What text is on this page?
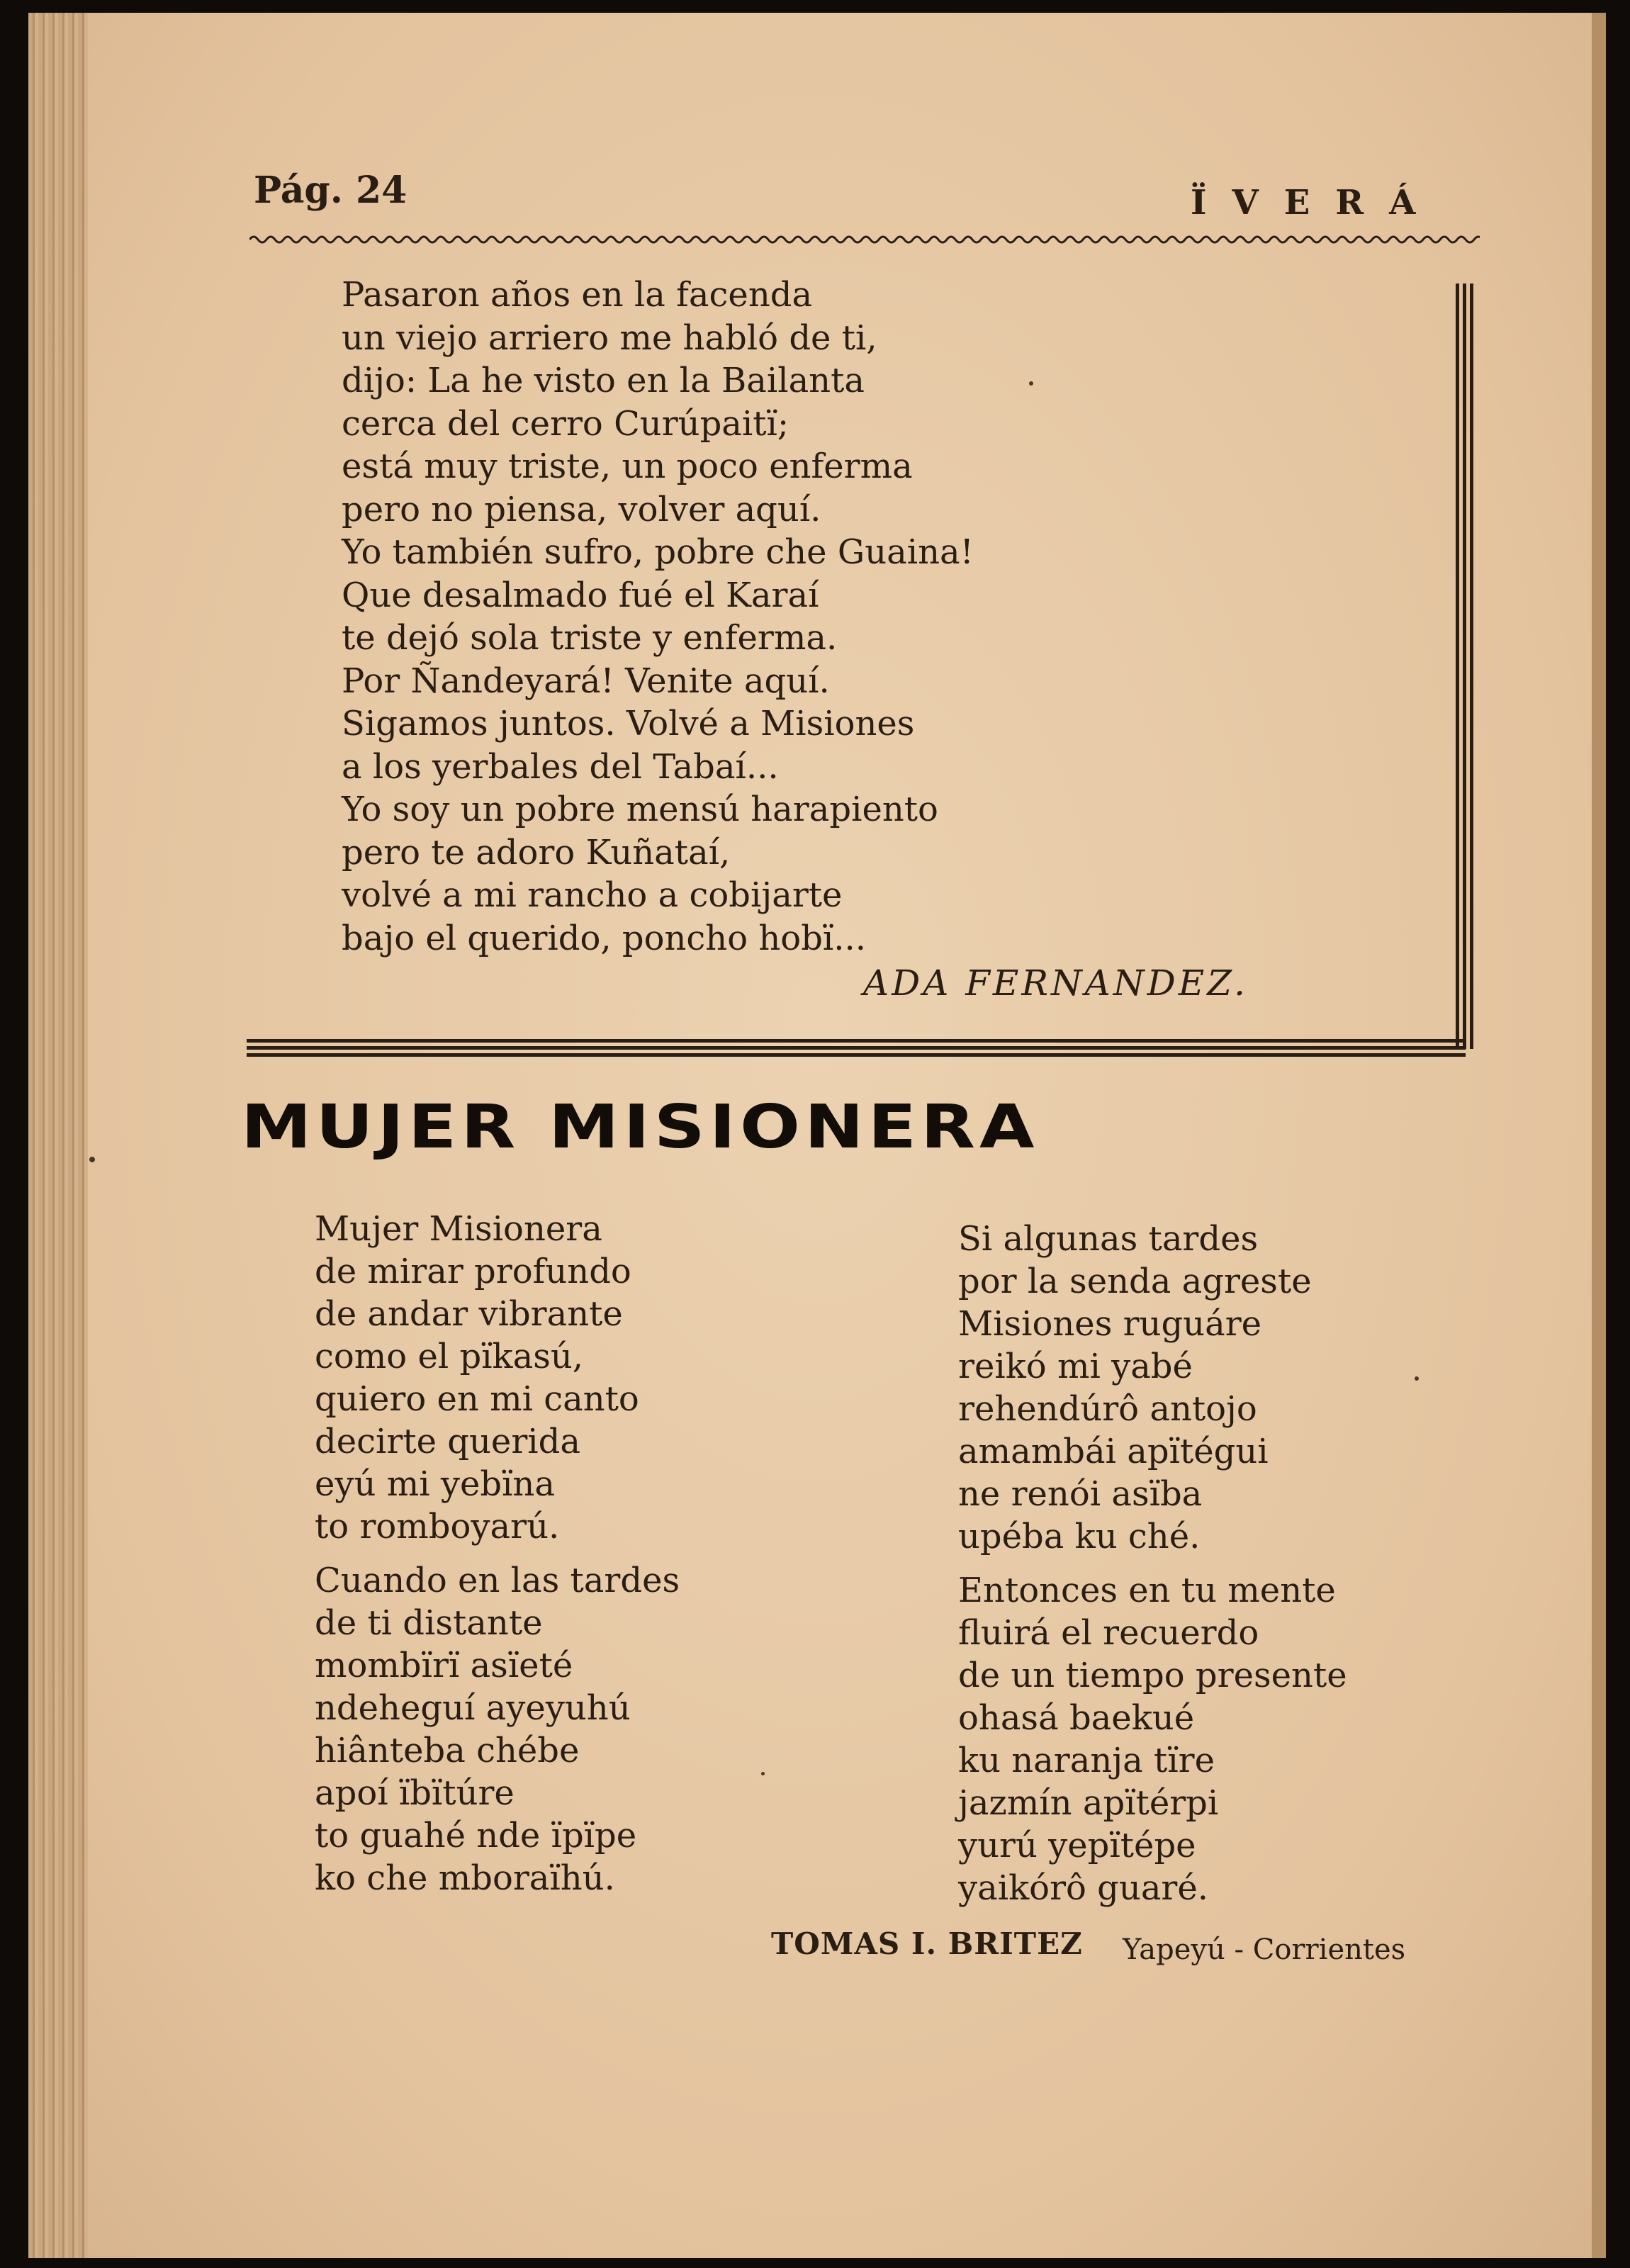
Pág. 24	ÏVERÁ
Pasaron años en la facenda
un viejo arriero me habló de ti,
dijo: La he visto en la Bailanta
cerca del cerro Curúpaitï;
está muy triste, un poco enferma
pero no piensa, volver aquí.
Yo también sufro, pobre che Guaina!
Que desalmado fué el Karaí
te dejó sola triste y enferma.
Por Ñandeyará! Venite aquí.
Sigamos juntos. Volvé a Misiones
a los yerbales del Tabaí...
Yo soy un pobre mensú harapiento
pero te adoro Kuñataí,
volvé a mi rancho a cobijarte
bajo el querido, poncho hobï...
ADA FERNANDEZ.
MUJER MISIONERA
Mujer Misionera
de mirar profundo
de andar vibrante
como el pïkasú,
quiero en mi canto
decirte querida
eyú mi yebïna
to romboyarú.
Cuando en las tardes
de ti distante
mombïrï asïeté
ndeheguí ayeyuhú
hiânteba chébe
apoí ïbïtúre
to guahé nde ïpïpe
ko che mboraïhú.
Si algunas tardes
por la senda agreste
Misiones ruguáre
reikó mi yabé
rehendúrô antojo
amambái apïtégui
ne renói asïba
upéba ku ché.
Entonces en tu mente
fluirá el recuerdo
de un tiempo presente
ohasá baekué
ku naranja tïre
jazmín apïtérpi
yurú yepïtépe
yaikórô guaré.
TOMAS I. BRITEZ Yapeyú - Corrientes
